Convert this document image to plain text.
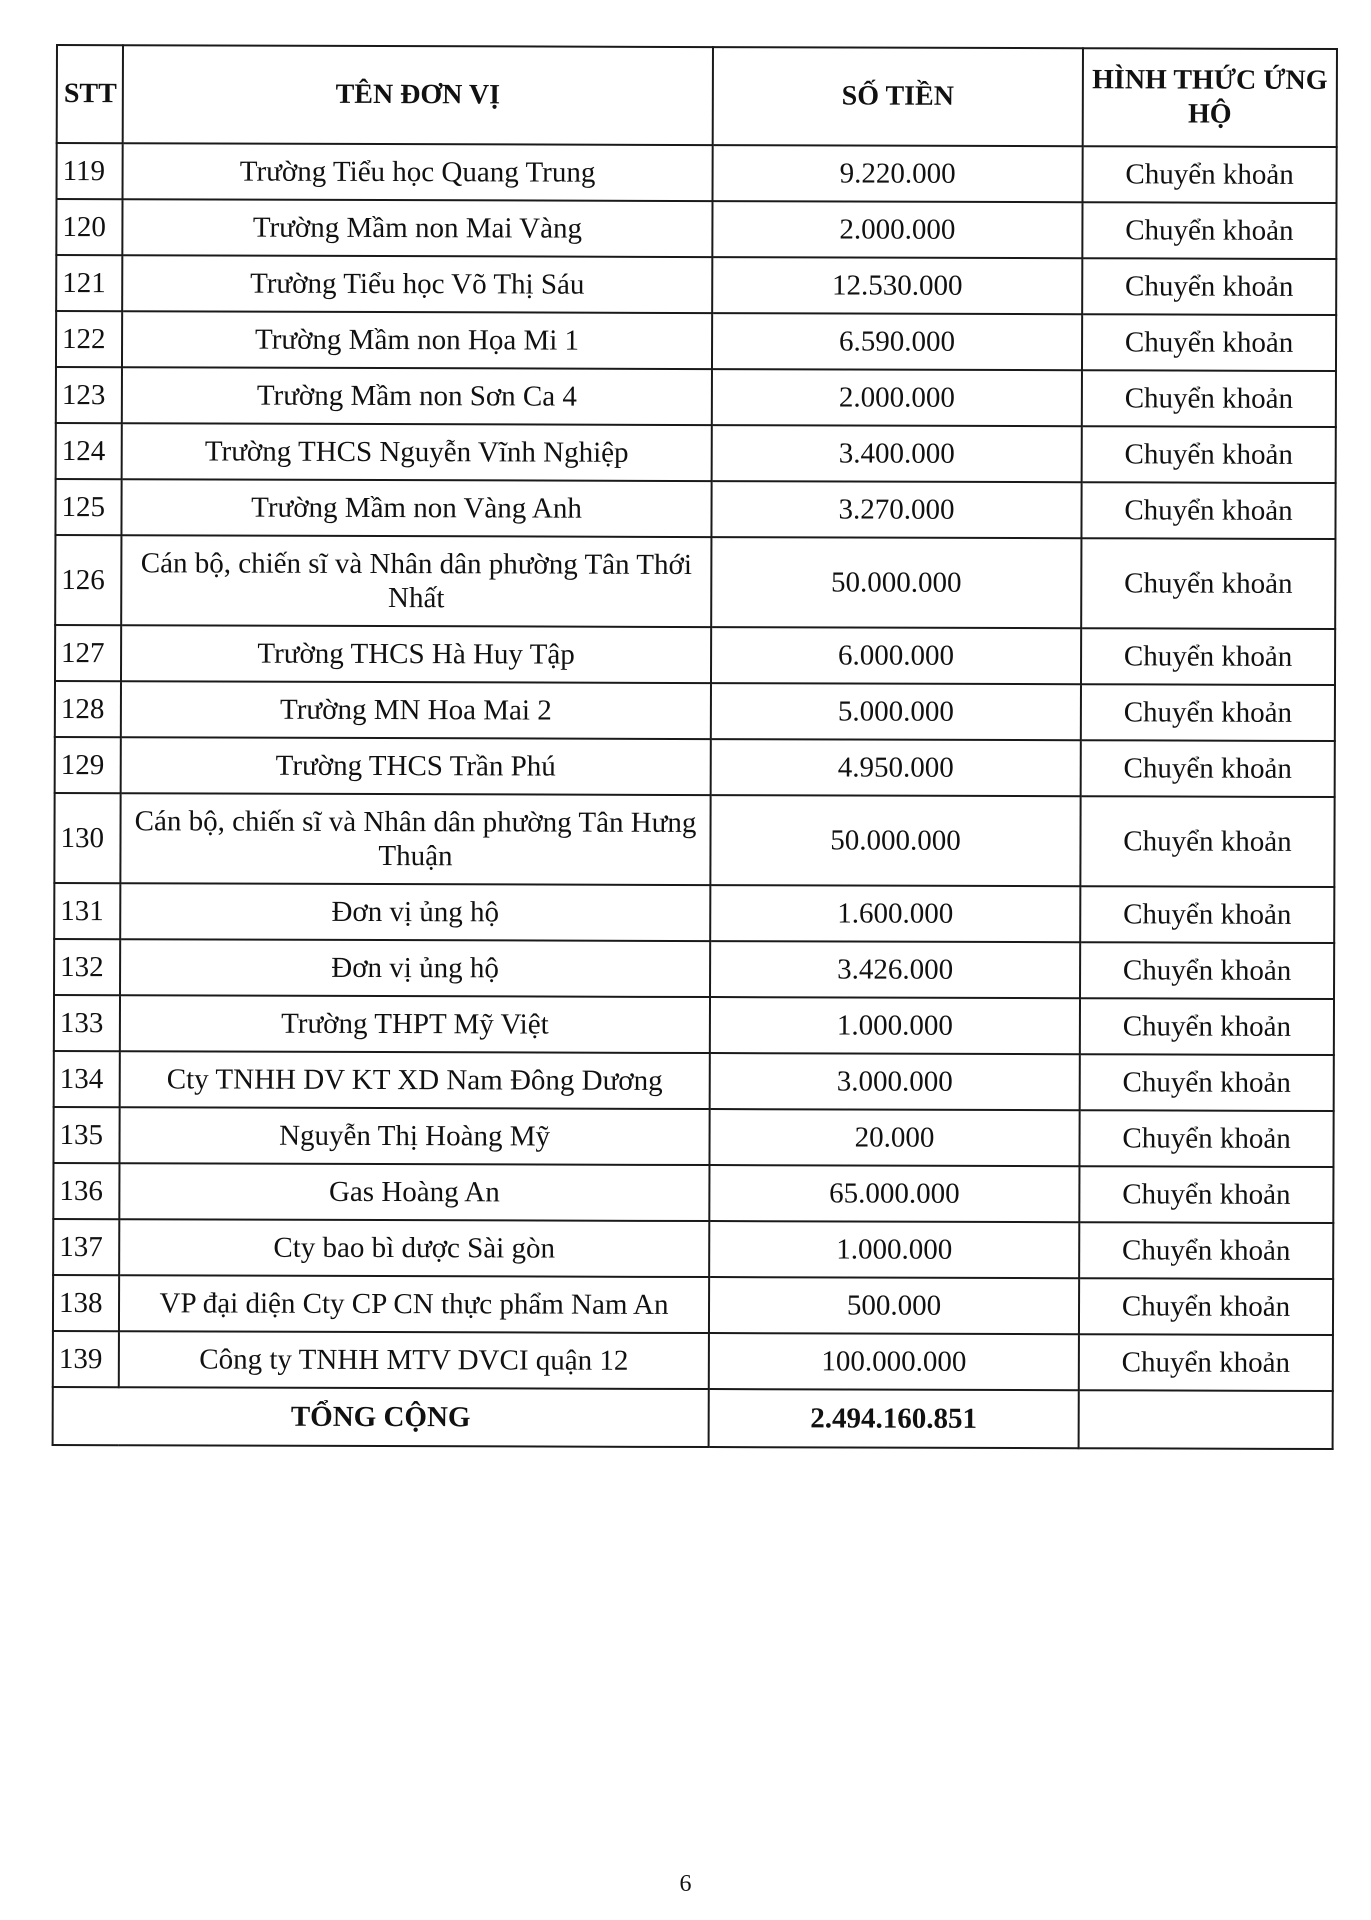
STT	TÊN ĐƠN VỊ	SỐ TIỀN	HÌNH THỨC ỨNG HỘ
119	Trường Tiểu học Quang Trung	9.220.000	Chuyển khoản
120	Trường Mầm non Mai Vàng	2.000.000	Chuyển khoản
121	Trường Tiểu học Võ Thị Sáu	12.530.000	Chuyển khoản
122	Trường Mầm non Họa Mi 1	6.590.000	Chuyển khoản
123	Trường Mầm non Sơn Ca 4	2.000.000	Chuyển khoản
124	Trường THCS Nguyễn Vĩnh Nghiệp	3.400.000	Chuyển khoản
125	Trường Mầm non Vàng Anh	3.270.000	Chuyển khoản
126	Cán bộ, chiến sĩ và Nhân dân phường Tân Thới Nhất	50.000.000	Chuyển khoản
127	Trường THCS Hà Huy Tập	6.000.000	Chuyển khoản
128	Trường MN Hoa Mai 2	5.000.000	Chuyển khoản
129	Trường THCS Trần Phú	4.950.000	Chuyển khoản
130	Cán bộ, chiến sĩ và Nhân dân phường Tân Hưng Thuận	50.000.000	Chuyển khoản
131	Đơn vị ủng hộ	1.600.000	Chuyển khoản
132	Đơn vị ủng hộ	3.426.000	Chuyển khoản
133	Trường THPT Mỹ Việt	1.000.000	Chuyển khoản
134	Cty TNHH DV KT XD Nam Đông Dương	3.000.000	Chuyển khoản
135	Nguyễn Thị Hoàng Mỹ	20.000	Chuyển khoản
136	Gas Hoàng An	65.000.000	Chuyển khoản
137	Cty bao bì dược Sài gòn	1.000.000	Chuyển khoản
138	VP đại diện Cty CP CN thực phẩm Nam An	500.000	Chuyển khoản
139	Công ty TNHH MTV DVCI quận 12	100.000.000	Chuyển khoản
TỔNG CỘNG		2.494.160.851	
6
